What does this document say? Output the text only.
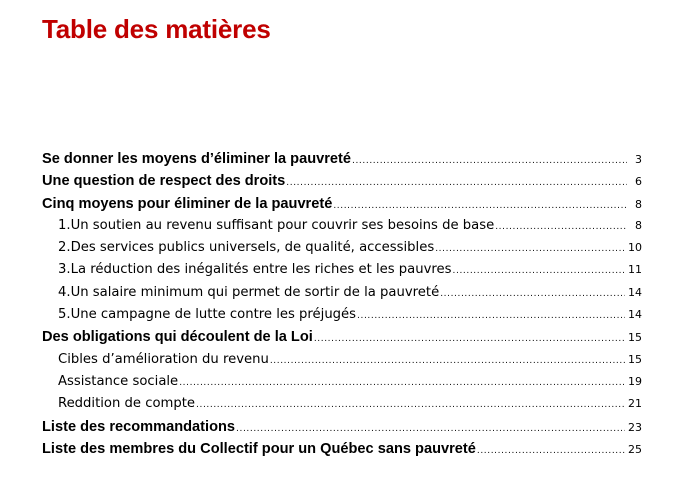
Table des matières
Se donner les moyens d’éliminer la pauvreté .....	3
Une question de respect des droits .....	6
Cinq moyens pour éliminer de la pauvreté .....	8
1. Un soutien au revenu suffisant pour couvrir ses besoins de base .....	8
2. Des services publics universels, de qualité, accessibles .....	10
3. La réduction des inégalités entre les riches et les pauvres .....	11
4. Un salaire minimum qui permet de sortir de la pauvreté .....	14
5. Une campagne de lutte contre les préjugés .....	14
Des obligations qui découlent de la Loi .....	15
Cibles d’amélioration du revenu .....	15
Assistance sociale .....	19
Reddition de compte .....	21
Liste des recommandations .....	23
Liste des membres du Collectif pour un Québec sans pauvreté .....	25
